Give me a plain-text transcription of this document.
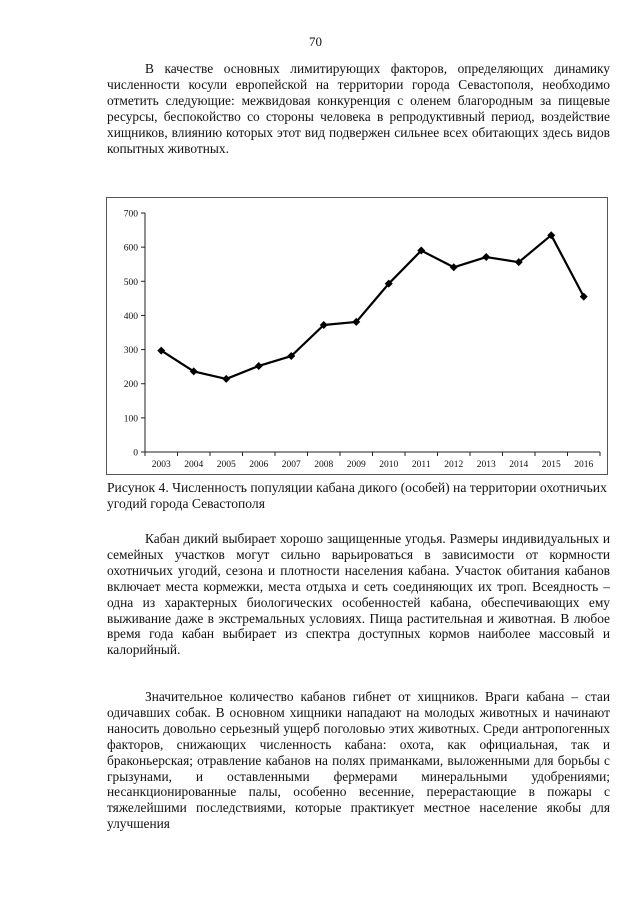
70

В качестве основных лимитирующих факторов, определяющих динамику численности косули европейской на территории города Севастополя, необходимо отметить следующие: межвидовая конкуренция с оленем благородным за пищевые ресурсы, беспокойство со стороны человека в репродуктивный период, воздействие хищников, влиянию которых этот вид подвержен сильнее всех обитающих здесь видов копытных животных.

0
100
200
300
400
500
600
700
2003 2004 2005 2006 2007 2008 2009 2010 2011 2012 2013 2014 2015 2016

Рисунок 4. Численность популяции кабана дикого (особей) на территории охотничьих угодий города Севастополя

Кабан дикий выбирает хорошо защищенные угодья. Размеры индивидуальных и семейных участков могут сильно варьироваться в зависимости от кормности охотничьих угодий, сезона и плотности населения кабана. Участок обитания кабанов включает места кормежки, места отдыха и сеть соединяющих их троп. Всеядность – одна из характерных биологических особенностей кабана, обеспечивающих ему выживание даже в экстремальных условиях. Пища растительная и животная. В любое время года кабан выбирает из спектра доступных кормов наиболее массовый и калорийный.

Значительное количество кабанов гибнет от хищников. Враги кабана – стаи одичавших собак. В основном хищники нападают на молодых животных и начинают наносить довольно серьезный ущерб поголовью этих животных. Среди антропогенных факторов, снижающих численность кабана: охота, как официальная, так и браконьерская; отравление кабанов на полях приманками, выложенными для борьбы с грызунами, и оставленными фермерами минеральными удобрениями; несанкционированные палы, особенно весенние, перерастающие в пожары с тяжелейшими последствиями, которые практикует местное население якобы для улучшения
